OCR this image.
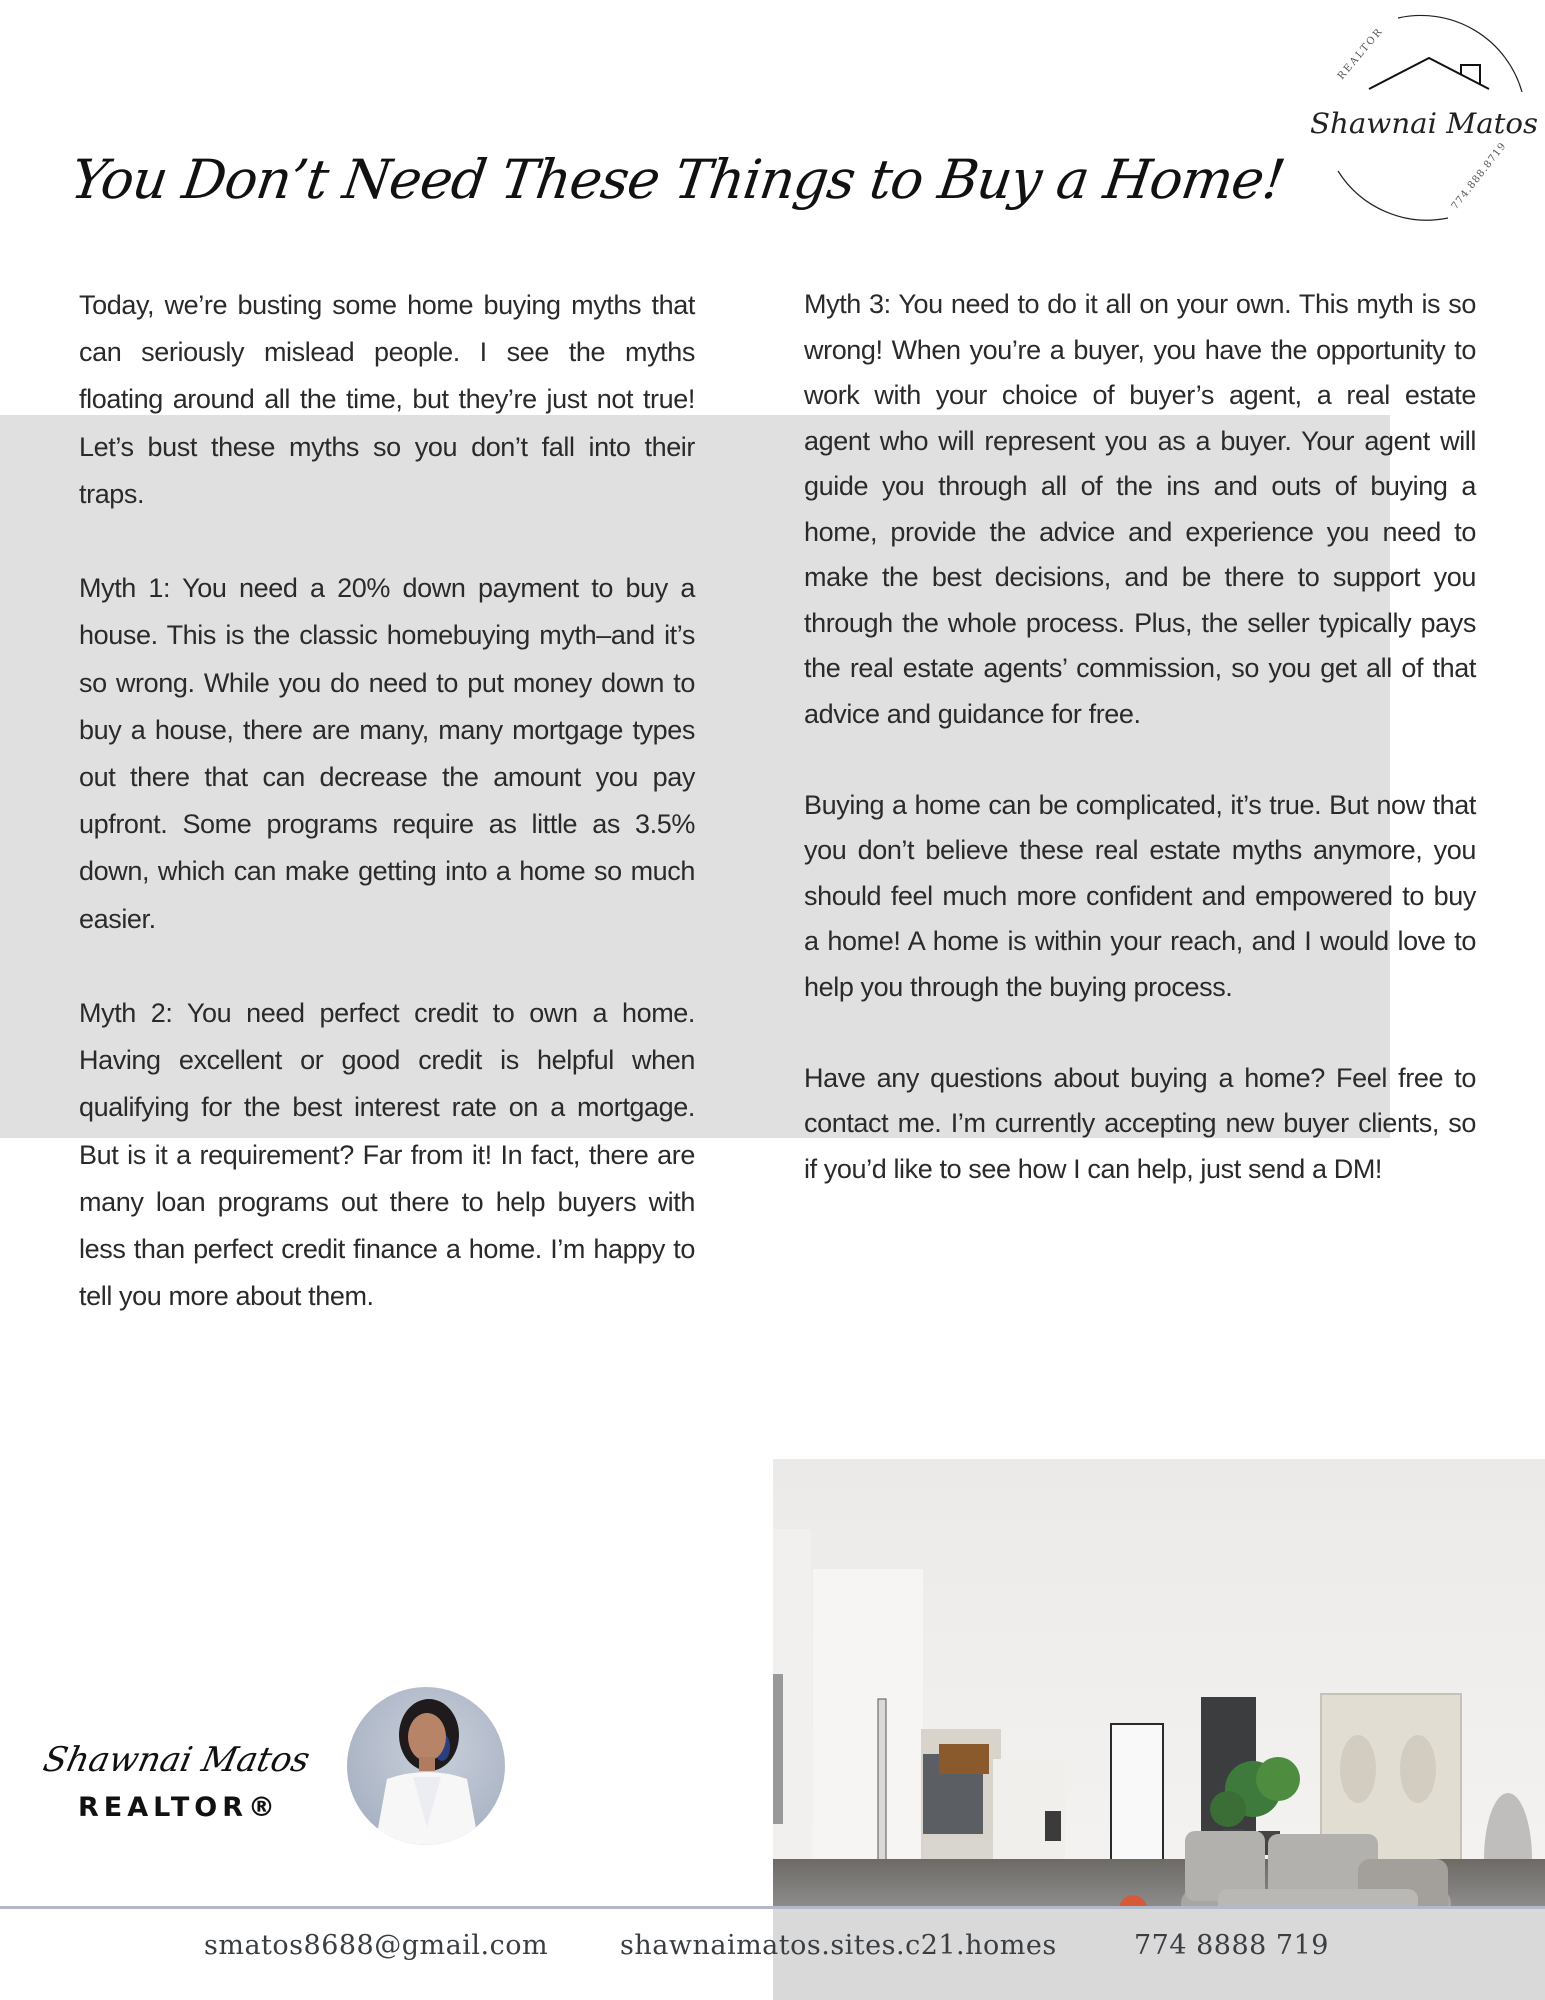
REALTOR
Shawnai Matos
774.888.8719
You Don’t Need These Things to Buy a Home!

Today, we’re busting some home buying myths that can seriously mislead people. I see the myths floating around all the time, but they’re just not true! Let’s bust these myths so you don’t fall into their traps.

Myth 1: You need a 20% down payment to buy a house. This is the classic homebuying myth–and it’s so wrong. While you do need to put money down to buy a house, there are many, many mortgage types out there that can decrease the amount you pay upfront. Some programs require as little as 3.5% down, which can make getting into a home so much easier.

Myth 2: You need perfect credit to own a home. Having excellent or good credit is helpful when qualifying for the best interest rate on a mortgage. But is it a requirement? Far from it! In fact, there are many loan programs out there to help buyers with less than perfect credit finance a home. I’m happy to tell you more about them.

Myth 3: You need to do it all on your own. This myth is so wrong! When you’re a buyer, you have the opportunity to work with your choice of buyer’s agent, a real estate agent who will represent you as a buyer. Your agent will guide you through all of the ins and outs of buying a home, provide the advice and experience you need to make the best decisions, and be there to support you through the whole process. Plus, the seller typically pays the real estate agents’ commission, so you get all of that advice and guidance for free.

Buying a home can be complicated, it’s true. But now that you don’t believe these real estate myths anymore, you should feel much more confident and empowered to buy a home! A home is within your reach, and I would love to help you through the buying process.

Have any questions about buying a home? Feel free to contact me. I’m currently accepting new buyer clients, so if you’d like to see how I can help, just send a DM!

Shawnai Matos
REALTOR®
smatos8688@gmail.com	shawnaimatos.sites.c21.homes	774 8888 719
